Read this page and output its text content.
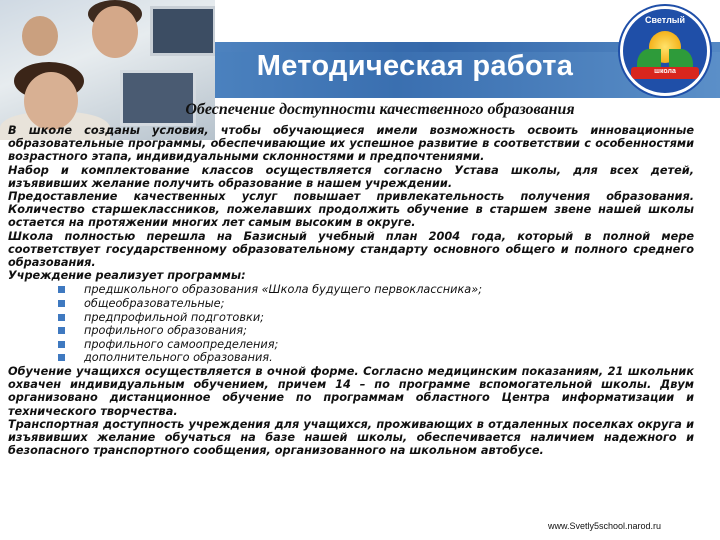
Методическая работа
Светлый
школа
Обеспечение доступности качественного образования

В школе созданы условия, чтобы обучающиеся имели возможность освоить инновационные образовательные программы, обеспечивающие их успешное развитие в соответствии с особенностями возрастного этапа, индивидуальными склонностями и предпочтениями.

Набор и комплектование классов осуществляется согласно Устава школы, для всех детей, изъявивших желание получить образование в нашем учреждении.

Предоставление качественных услуг повышает привлекательность получения образования. Количество старшеклассников, пожелавших продолжить обучение в старшем звене нашей школы остается на протяжении многих лет самым высоким в округе.

Школа полностью перешла на Базисный учебный план 2004 года, который в полной мере соответствует государственному образовательному стандарту основного общего и полного среднего образования.

Учреждение реализует программы:

предшкольного образования «Школа будущего первоклассника»;
общеобразовательные;
предпрофильной подготовки;
профильного образования;
профильного самоопределения;
дополнительного образования.

Обучение учащихся осуществляется в очной форме. Согласно медицинским показаниям, 21 школьник охвачен индивидуальным обучением, причем 14 – по программе вспомогательной школы. Двум организовано дистанционное обучение по программам областного Центра информатизации и технического творчества.

Транспортная доступность учреждения для учащихся, проживающих в отдаленных поселках округа и изъявивших желание обучаться на базе нашей школы, обеспечивается наличием надежного и безопасного транспортного сообщения, организованного на школьном автобусе.

www.Svetly5school.narod.ru
